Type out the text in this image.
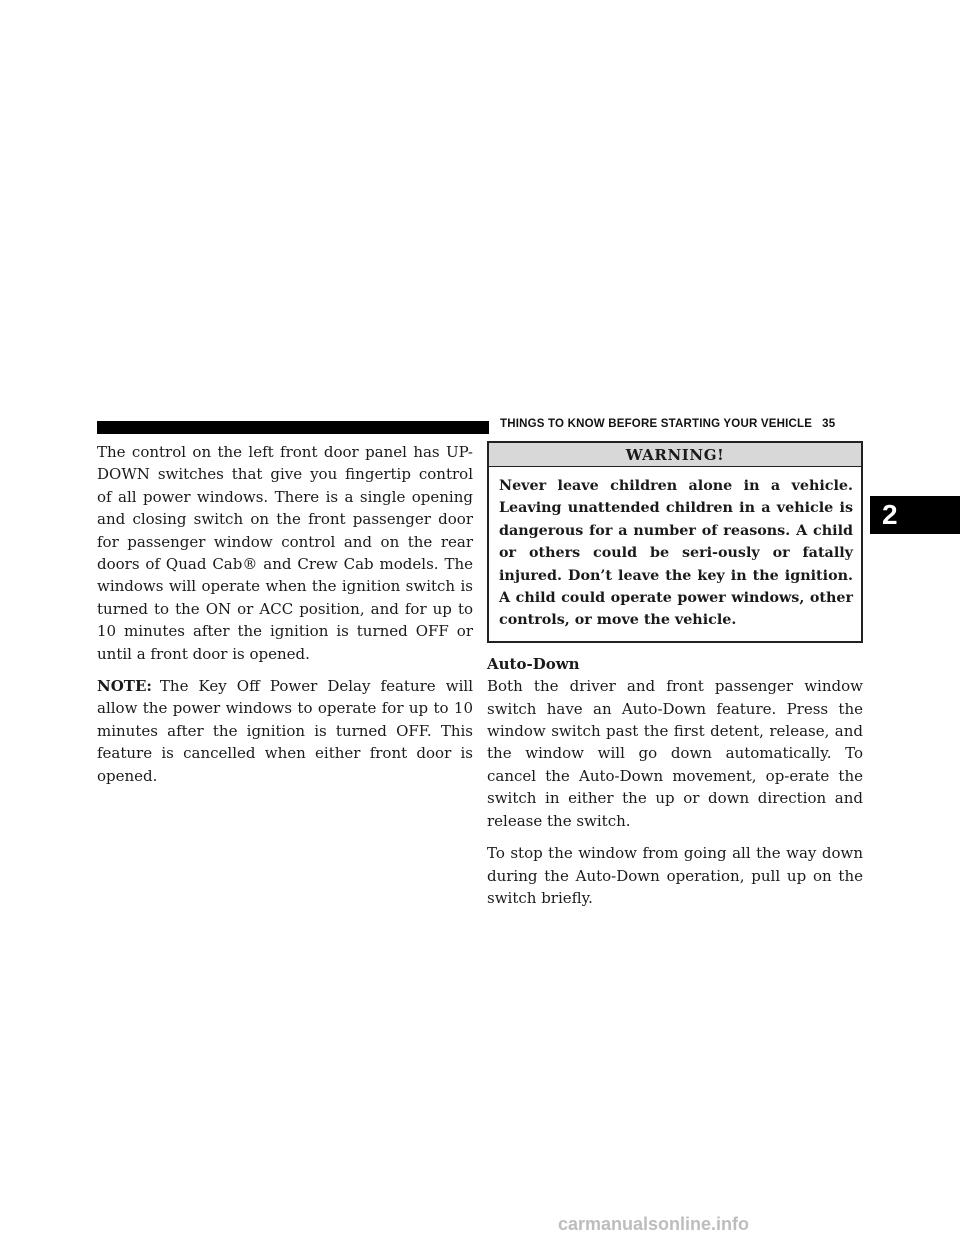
THINGS TO KNOW BEFORE STARTING YOUR VEHICLE 35

The control on the left front door panel has UP-DOWN switches that give you fingertip control of all power windows. There is a single opening and closing switch on the front passenger door for passenger window control and on the rear doors of Quad Cab® and Crew Cab models. The windows will operate when the ignition switch is turned to the ON or ACC position, and for up to 10 minutes after the ignition is turned OFF or until a front door is opened.

NOTE: The Key Off Power Delay feature will allow the power windows to operate for up to 10 minutes after the ignition is turned OFF. This feature is cancelled when either front door is opened.

WARNING!
Never leave children alone in a vehicle. Leaving unattended children in a vehicle is dangerous for a number of reasons. A child or others could be seri-ously or fatally injured. Don’t leave the key in the ignition. A child could operate power windows, other controls, or move the vehicle.
Auto-Down

Both the driver and front passenger window switch have an Auto-Down feature. Press the window switch past the first detent, release, and the window will go down automatically. To cancel the Auto-Down movement, op-erate the switch in either the up or down direction and release the switch.

To stop the window from going all the way down during the Auto-Down operation, pull up on the switch briefly.

2
carmanualsonline.info
